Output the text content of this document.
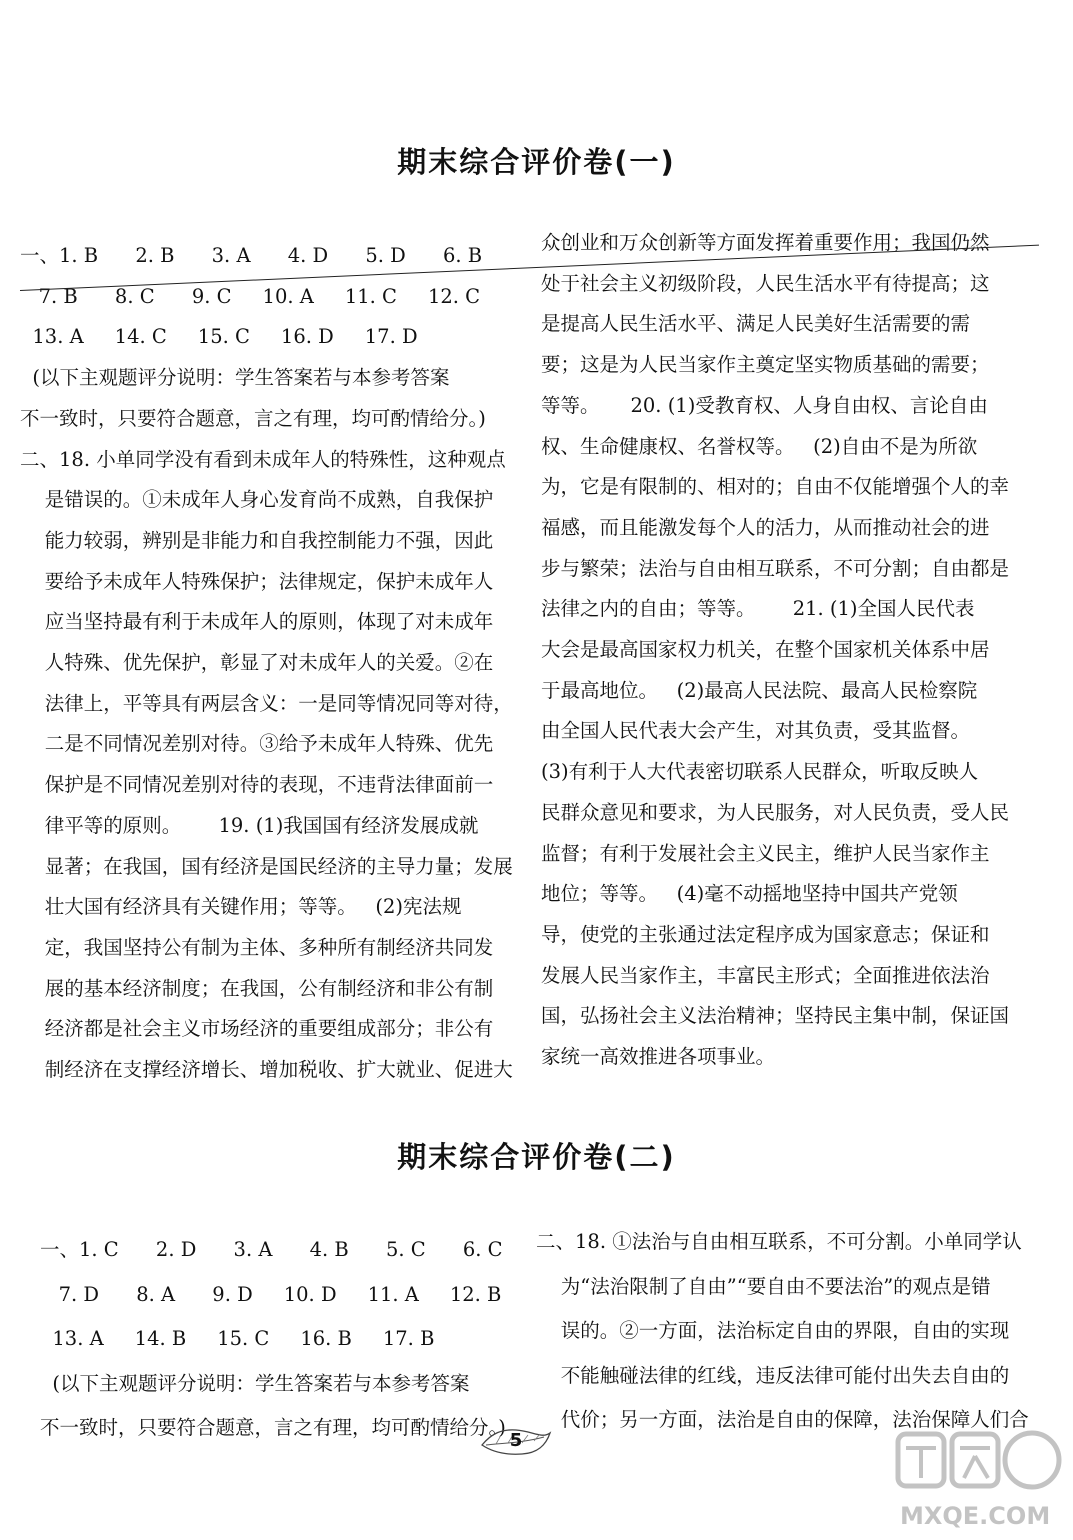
期末综合评价卷(一)
一、1. B      2. B      3. A      4. D      5. D      6. B
7. B      8. C      9. C     10. A     11. C     12. C
13. A     14. C     15. C     16. D     17. D
(以下主观题评分说明：学生答案若与本参考答案
不一致时，只要符合题意，言之有理，均可酌情给分。)
二、18. 小单同学没有看到未成年人的特殊性，这种观点
是错误的。①未成年人身心发育尚不成熟，自我保护
能力较弱，辨别是非能力和自我控制能力不强，因此
要给予未成年人特殊保护；法律规定，保护未成年人
应当坚持最有利于未成年人的原则，体现了对未成年
人特殊、优先保护，彰显了对未成年人的关爱。②在
法律上，平等具有两层含义：一是同等情况同等对待，
二是不同情况差别对待。③给予未成年人特殊、优先
保护是不同情况差别对待的表现，不违背法律面前一
律平等的原则。      19. (1)我国国有经济发展成就
显著；在我国，国有经济是国民经济的主导力量；发展
壮大国有经济具有关键作用；等等。   (2)宪法规
定，我国坚持公有制为主体、多种所有制经济共同发
展的基本经济制度；在我国，公有制经济和非公有制
经济都是社会主义市场经济的重要组成部分；非公有
制经济在支撑经济增长、增加税收、扩大就业、促进大
众创业和万众创新等方面发挥着重要作用；我国仍然
处于社会主义初级阶段，人民生活水平有待提高；这
是提高人民生活水平、满足人民美好生活需要的需
要；这是为人民当家作主奠定坚实物质基础的需要；
等等。     20. (1)受教育权、人身自由权、言论自由
权、生命健康权、名誉权等。   (2)自由不是为所欲
为，它是有限制的、相对的；自由不仅能增强个人的幸
福感，而且能激发每个人的活力，从而推动社会的进
步与繁荣；法治与自由相互联系，不可分割；自由都是
法律之内的自由；等等。      21. (1)全国人民代表
大会是最高国家权力机关，在整个国家机关体系中居
于最高地位。   (2)最高人民法院、最高人民检察院
由全国人民代表大会产生，对其负责，受其监督。
(3)有利于人大代表密切联系人民群众，听取反映人
民群众意见和要求，为人民服务，对人民负责，受人民
监督；有利于发展社会主义民主，维护人民当家作主
地位；等等。   (4)毫不动摇地坚持中国共产党领
导，使党的主张通过法定程序成为国家意志；保证和
发展人民当家作主，丰富民主形式；全面推进依法治
国，弘扬社会主义法治精神；坚持民主集中制，保证国
家统一高效推进各项事业。
期末综合评价卷(二)
一、1. C      2. D      3. A      4. B      5. C      6. C
7. D      8. A      9. D     10. D     11. A     12. B
13. A     14. B     15. C     16. B     17. B
(以下主观题评分说明：学生答案若与本参考答案
不一致时，只要符合题意，言之有理，均可酌情给分。)
二、18. ①法治与自由相互联系，不可分割。小单同学认
为“法治限制了自由”“要自由不要法治”的观点是错
误的。②一方面，法治标定自由的界限，自由的实现
不能触碰法律的红线，违反法律可能付出失去自由的
代价；另一方面，法治是自由的保障，法治保障人们合
5
MXQE.COM
